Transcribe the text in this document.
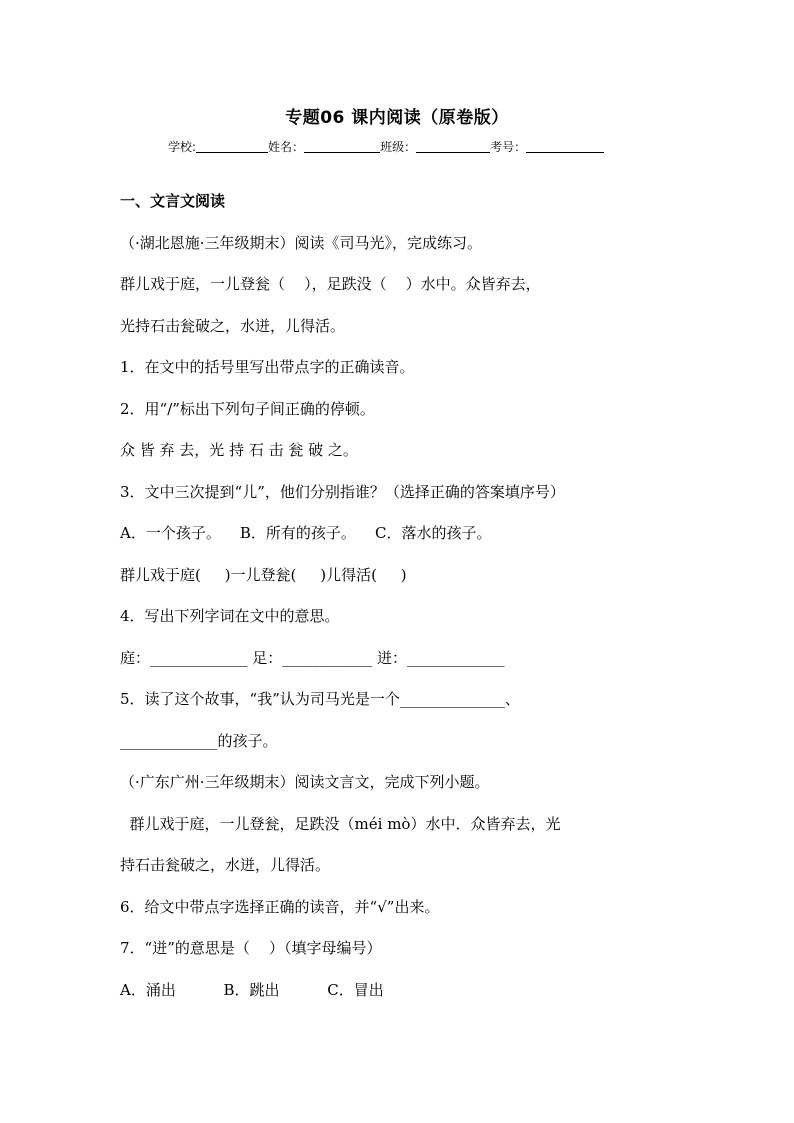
专题06 课内阅读（原卷版）
学校:	姓名：	班级：	考号：
一、文言文阅读
（·湖北恩施·三年级期末）阅读《司马光》，完成练习。
群儿戏于庭，一儿登瓮（    ），足跌没（    ）水中。众皆弃去，
光持石击瓮破之，水迸，儿得活。
1．在文中的括号里写出带点字的正确读音。
2．用“/”标出下列句子间正确的停顿。
众 皆 弃 去，光 持 石 击 瓮 破 之。
3．文中三次提到“儿”，他们分别指谁？（选择正确的答案填序号）
A．一个孩子。    B．所有的孩子。    C．落水的孩子。
群儿戏于庭(     )一儿登瓮(     )儿得活(     )
4．写出下列字词在文中的意思。
庭：_____________ 足：____________ 迸：_____________
5．读了这个故事，“我”认为司马光是一个______________、
_____________的孩子。
（·广东广州·三年级期末）阅读文言文，完成下列小题。
群儿戏于庭，一儿登瓮，足跌没（méi mò）水中．众皆弃去，光
持石击瓮破之，水迸，儿得活。
6．给文中带点字选择正确的读音，并“√”出来。
7．“迸”的意思是（    ）（填字母编号）
A．涌出          B．跳出          C．冒出
